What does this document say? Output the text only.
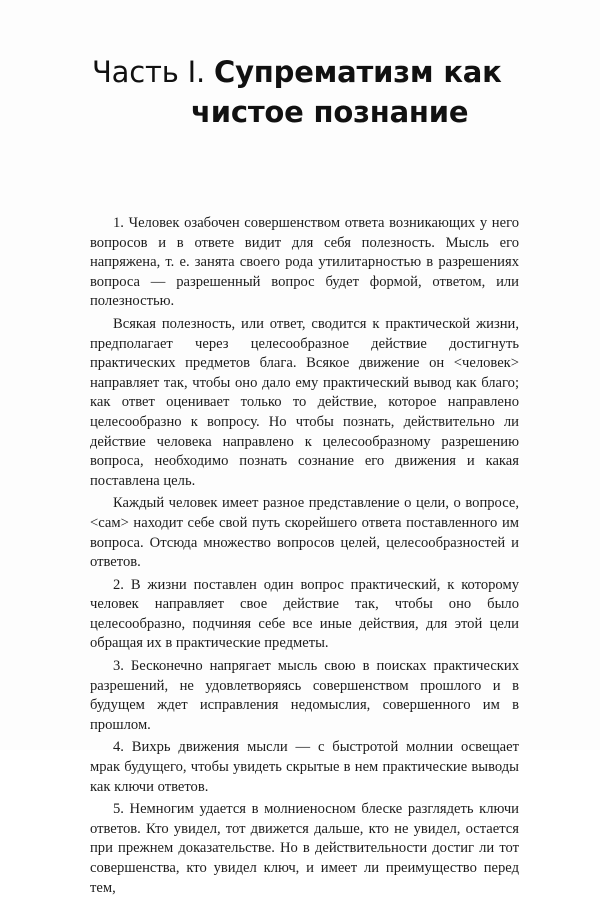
Часть I. Супрематизм как
чистое познание

1. Человек озабочен совершенством ответа возникающих у него вопросов и в ответе видит для себя полезность. Мысль его напряжена, т. е. занята своего рода утилитарностью в разрешениях вопроса — разрешенный вопрос будет формой, ответом, или полезностью.

Всякая полезность, или ответ, сводится к практической жизни, предполагает через целесообразное действие достигнуть практических предметов блага. Всякое движение он <человек> направляет так, чтобы оно дало ему практический вывод как благо; как ответ оценивает только то действие, которое направлено целесообразно к вопросу. Но чтобы познать, действительно ли действие человека направлено к целесообразному разрешению вопроса, необходимо познать сознание его движения и какая поставлена цель.

Каждый человек имеет разное представление о цели, о вопросе, <сам> находит себе свой путь скорейшего ответа поставленного им вопроса. Отсюда множество вопросов целей, целесообразностей и ответов.

2. В жизни поставлен один вопрос практический, к которому человек направляет свое действие так, чтобы оно было целесообразно, подчиняя себе все иные действия, для этой цели обращая их в практические предметы.

3. Бесконечно напрягает мысль свою в поисках практических разрешений, не удовлетворяясь совершенством прошлого и в будущем ждет исправления недомыслия, совершенного им в прошлом.

4. Вихрь движения мысли — с быстротой молнии освещает мрак будущего, чтобы увидеть скрытые в нем практические выводы как ключи ответов.

5. Немногим удается в молниеносном блеске разглядеть ключи ответов. Кто увидел, тот движется дальше, кто не увидел, остается при прежнем доказательстве. Но в действительности достиг ли тот совершенства, кто увидел ключ, и имеет ли преимущество перед тем,
